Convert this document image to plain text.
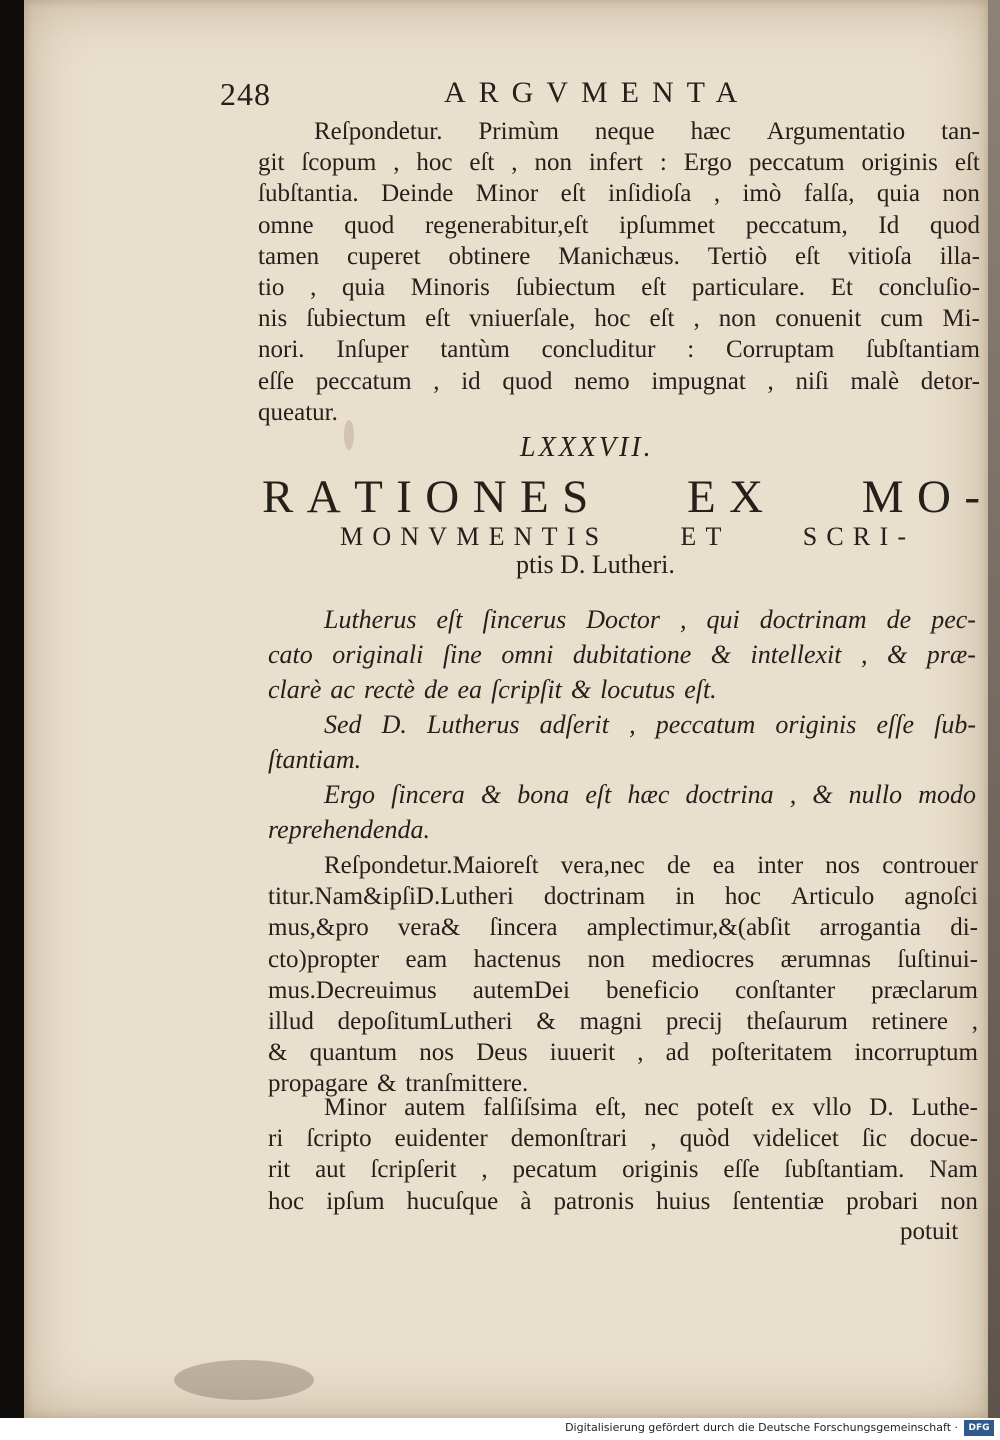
248	ARGVMENTA
Reſpondetur. Primùm neque hæc Argumentatio tan-
git ſcopum , hoc eſt , non infert : Ergo peccatum originis eſt
ſubſtantia. Deinde Minor eſt inſidioſa , imò falſa, quia non
omne quod regenerabitur,eſt ipſummet peccatum, Id quod
tamen cuperet obtinere Manichæus. Tertiò eſt vitioſa illa-
tio , quia Minoris ſubiectum eſt particulare. Et concluſio-
nis ſubiectum eſt vniuerſale, hoc eſt , non conuenit cum Mi-
nori. Inſuper tantùm concluditur : Corruptam ſubſtantiam
eſſe peccatum , id quod nemo impugnat , niſi malè detor-
queatur.
LXXXVII.
R A T I O N E S E X M O -
M O N V M E N T I S	E T	S C R I -
ptis D. Lutheri.
Lutherus eſt ſincerus Doctor , qui doctrinam de pec-
cato originali ſine omni dubitatione & intellexit , & præ-
clarè ac rectè de ea ſcripſit & locutus eſt.
Sed D. Lutherus adſerit , peccatum originis eſſe ſub-
ſtantiam.
Ergo ſincera & bona eſt hæc doctrina , & nullo modo
reprehendenda.
Reſpondetur.Maioreſt vera,nec de ea inter nos controuer
titur.Nam&ipſiD.Lutheri doctrinam in hoc Articulo agnoſci
mus,&pro vera& ſincera amplectimur,&(abſit arrogantia di-
cto)propter eam hactenus non mediocres ærumnas ſuſtinui-
mus.Decreuimus autemDei beneficio conſtanter præclarum
illud depoſitumLutheri & magni precij theſaurum retinere ,
& quantum nos Deus iuuerit , ad poſteritatem incorruptum
propagare & tranſmittere.
Minor autem falſiſsima eſt, nec poteſt ex vllo D. Luthe-
ri ſcripto euidenter demonſtrari , quòd videlicet ſic docue-
rit aut ſcripſerit , pecatum originis eſſe ſubſtantiam. Nam
hoc ipſum hucuſque à patronis huius ſententiæ probari non
potuit
Digitalisierung gefördert durch die Deutsche Forschungsgemeinschaft ·	DFG
